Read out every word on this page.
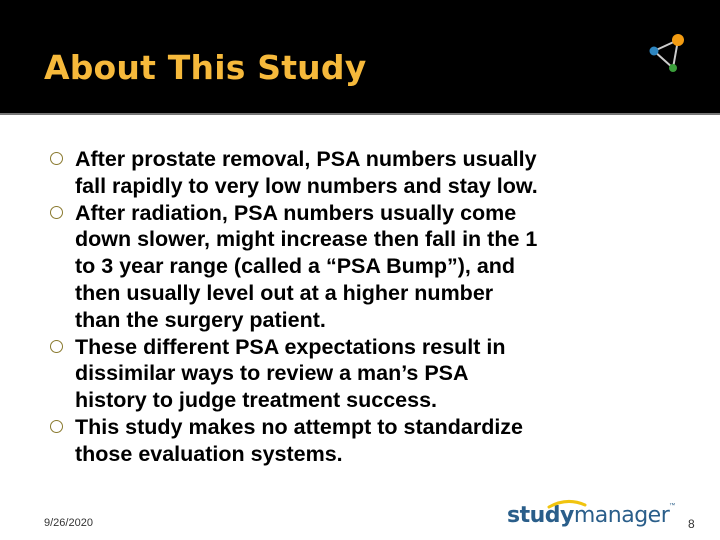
About This Study
After prostate removal, PSA numbers usually
fall rapidly to very low numbers and stay low.
After radiation, PSA numbers usually come
down slower, might increase then fall in the 1
to 3 year range (called a “PSA Bump”), and
then usually level out at a higher number
than the surgery patient.
These different PSA expectations result in
dissimilar ways to review a man’s PSA
history to judge treatment success.
This study makes no attempt to standardize
those evaluation systems.
9/26/2020	studymanager™
8
